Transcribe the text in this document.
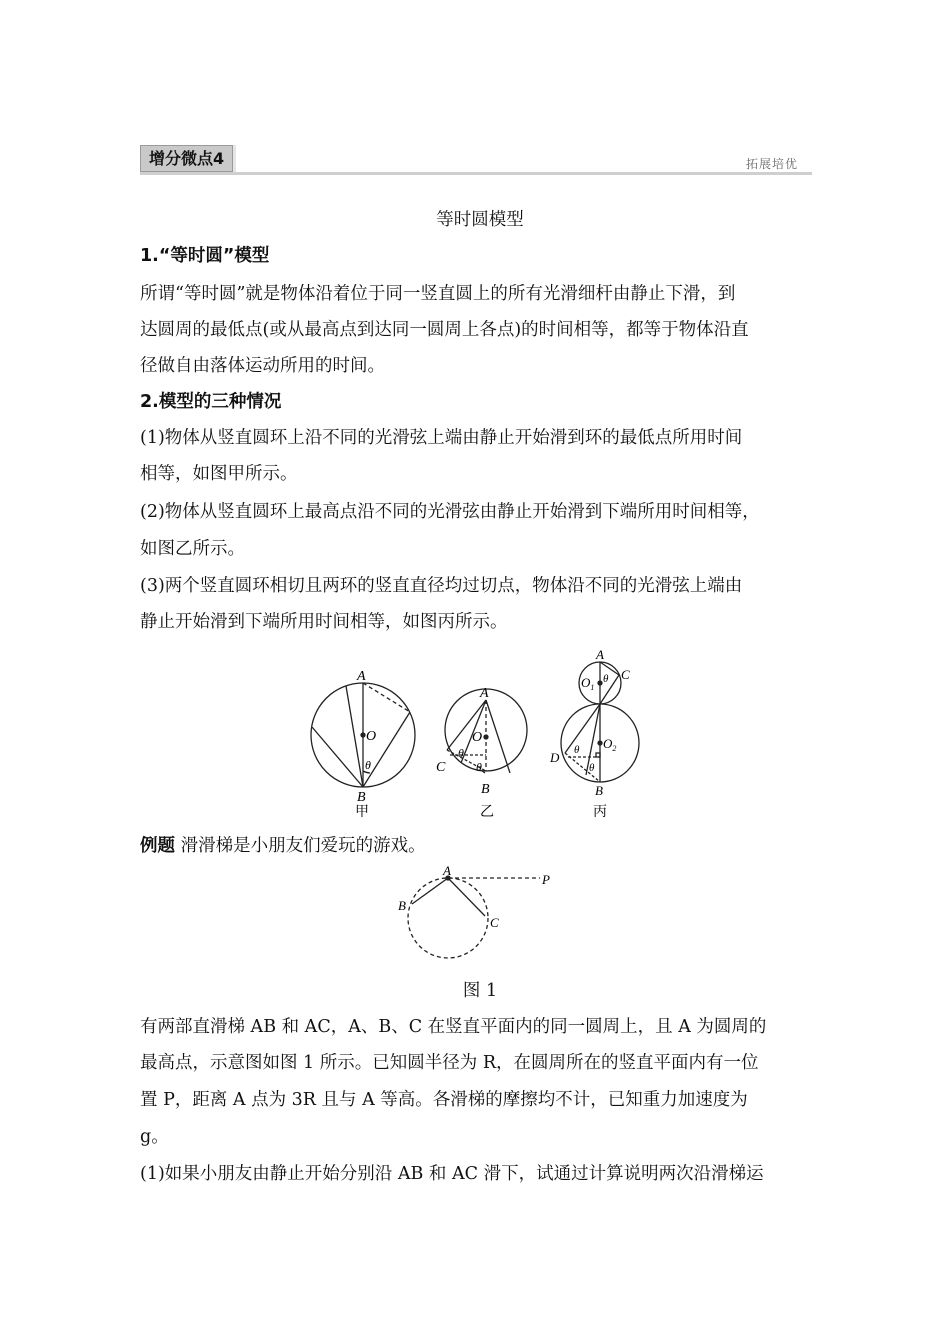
增分微点4	拓展培优
等时圆模型
1.“等时圆”模型
所谓“等时圆”就是物体沿着位于同一竖直圆上的所有光滑细杆由静止下滑，到
达圆周的最低点(或从最高点到达同一圆周上各点)的时间相等，都等于物体沿直
径做自由落体运动所用的时间。
2.模型的三种情况
(1)物体从竖直圆环上沿不同的光滑弦上端由静止开始滑到环的最低点所用时间
相等，如图甲所示。
(2)物体从竖直圆环上最高点沿不同的光滑弦由静止开始滑到下端所用时间相等，
如图乙所示。
(3)两个竖直圆环相切且两环的竖直直径均过切点，物体沿不同的光滑弦上端由
静止开始滑到下端所用时间相等，如图丙所示。
A
O
θ
B
甲
A
O
θ
θ
C
B
乙
A
$O_1$
θ C
$O_2$
D θ
θ
B
丙
例题 滑滑梯是小朋友们爱玩的游戏。
A
P
B
C
图 1
有两部直滑梯 AB 和 AC，A、B、C 在竖直平面内的同一圆周上，且 A 为圆周的
最高点，示意图如图 1 所示。已知圆半径为 R，在圆周所在的竖直平面内有一位
置 P，距离 A 点为 3R 且与 A 等高。各滑梯的摩擦均不计，已知重力加速度为
g。
(1)如果小朋友由静止开始分别沿 AB 和 AC 滑下，试通过计算说明两次沿滑梯运
